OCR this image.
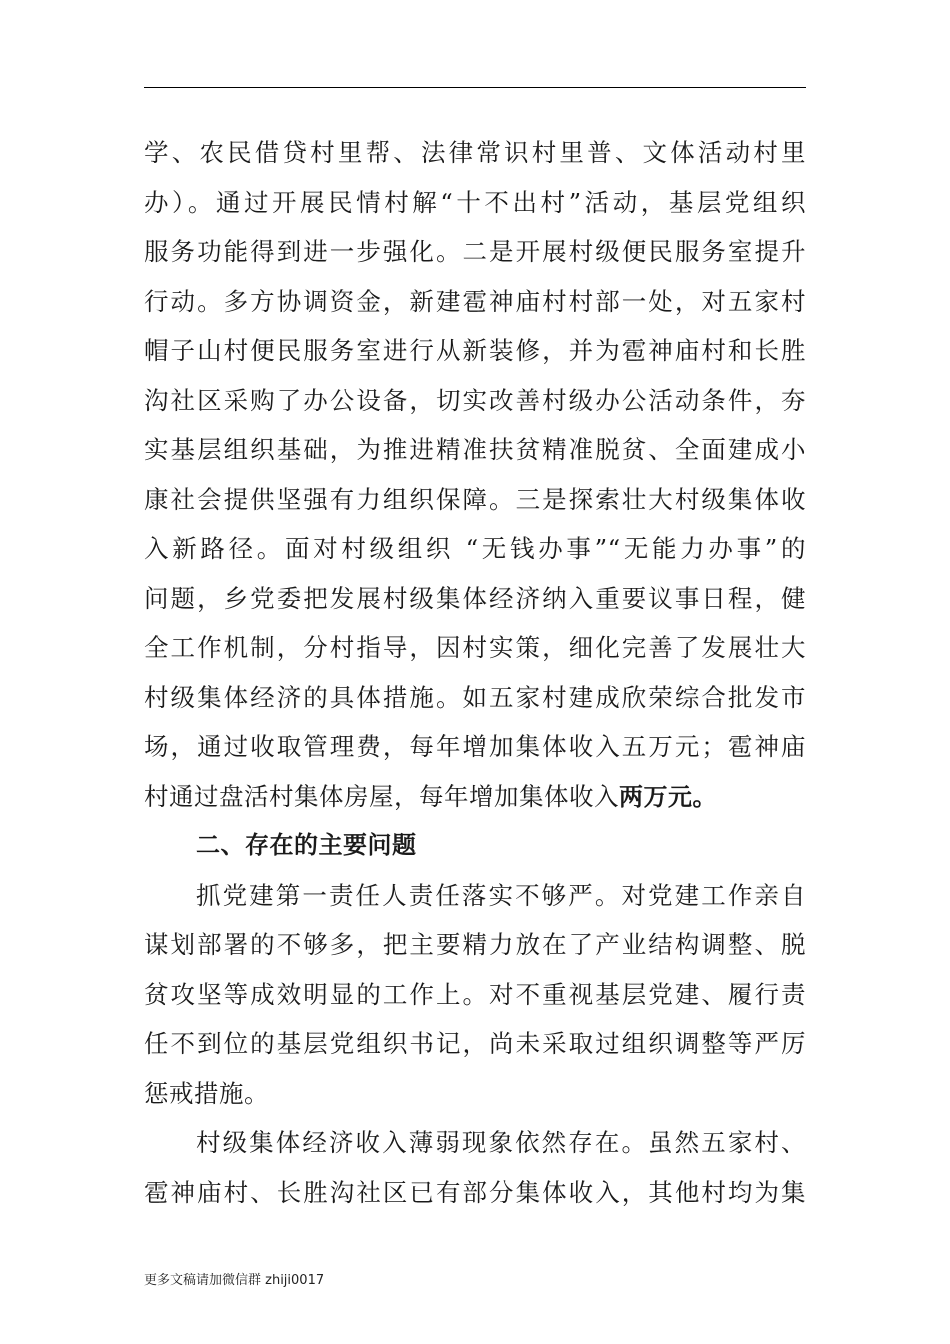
学、农民借贷村里帮、法律常识村里普、文体活动村里
办）。通过开展民情村解“十不出村”活动，基层党组织
服务功能得到进一步强化。二是开展村级便民服务室提升
行动。多方协调资金，新建雹神庙村村部一处，对五家村
帽子山村便民服务室进行从新装修，并为雹神庙村和长胜
沟社区采购了办公设备，切实改善村级办公活动条件，夯
实基层组织基础，为推进精准扶贫精准脱贫、全面建成小
康社会提供坚强有力组织保障。三是探索壮大村级集体收
入新路径。面对村级组织 “无钱办事”“无能力办事”的
问题，乡党委把发展村级集体经济纳入重要议事日程，健
全工作机制，分村指导，因村实策，细化完善了发展壮大
村级集体经济的具体措施。如五家村建成欣荣综合批发市
场，通过收取管理费，每年增加集体收入五万元；雹神庙
村通过盘活村集体房屋，每年增加集体收入两万元。
二、存在的主要问题
抓党建第一责任人责任落实不够严。对党建工作亲自
谋划部署的不够多，把主要精力放在了产业结构调整、脱
贫攻坚等成效明显的工作上。对不重视基层党建、履行责
任不到位的基层党组织书记，尚未采取过组织调整等严厉
惩戒措施。
村级集体经济收入薄弱现象依然存在。虽然五家村、
雹神庙村、长胜沟社区已有部分集体收入，其他村均为集
更多文稿请加微信群 zhiji0017
